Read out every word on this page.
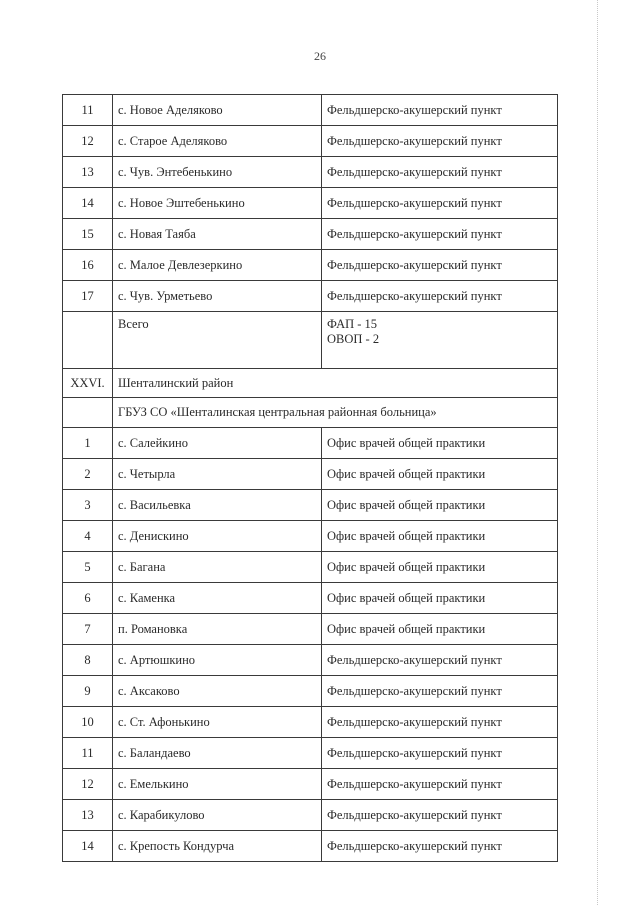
26
11	с. Новое Аделяково	Фельдшерско-акушерский пункт
12	с. Старое Аделяково	Фельдшерско-акушерский пункт
13	с. Чув. Энтебенькино	Фельдшерско-акушерский пункт
14	с. Новое Эштебенькино	Фельдшерско-акушерский пункт
15	с. Новая Таяба	Фельдшерско-акушерский пункт
16	с. Малое Девлезеркино	Фельдшерско-акушерский пункт
17	с. Чув. Урметьево	Фельдшерско-акушерский пункт
	Всего	ФАП - 15
ОВОП - 2

XXVI.	Шенталинский район	
	ГБУЗ СО «Шенталинская центральная районная больница»	
1	с. Салейкино	Офис врачей общей практики
2	с. Четырла	Офис врачей общей практики
3	с. Васильевка	Офис врачей общей практики
4	с. Денискино	Офис врачей общей практики
5	с. Багана	Офис врачей общей практики
6	с. Каменка	Офис врачей общей практики
7	п. Романовка	Офис врачей общей практики
8	с. Артюшкино	Фельдшерско-акушерский пункт
9	с. Аксаково	Фельдшерско-акушерский пункт
10	с. Ст. Афонькино	Фельдшерско-акушерский пункт
11	с. Баландаево	Фельдшерско-акушерский пункт
12	с. Емелькино	Фельдшерско-акушерский пункт
13	с. Карабикулово	Фельдшерско-акушерский пункт
14	с. Крепость Кондурча	Фельдшерско-акушерский пункт
